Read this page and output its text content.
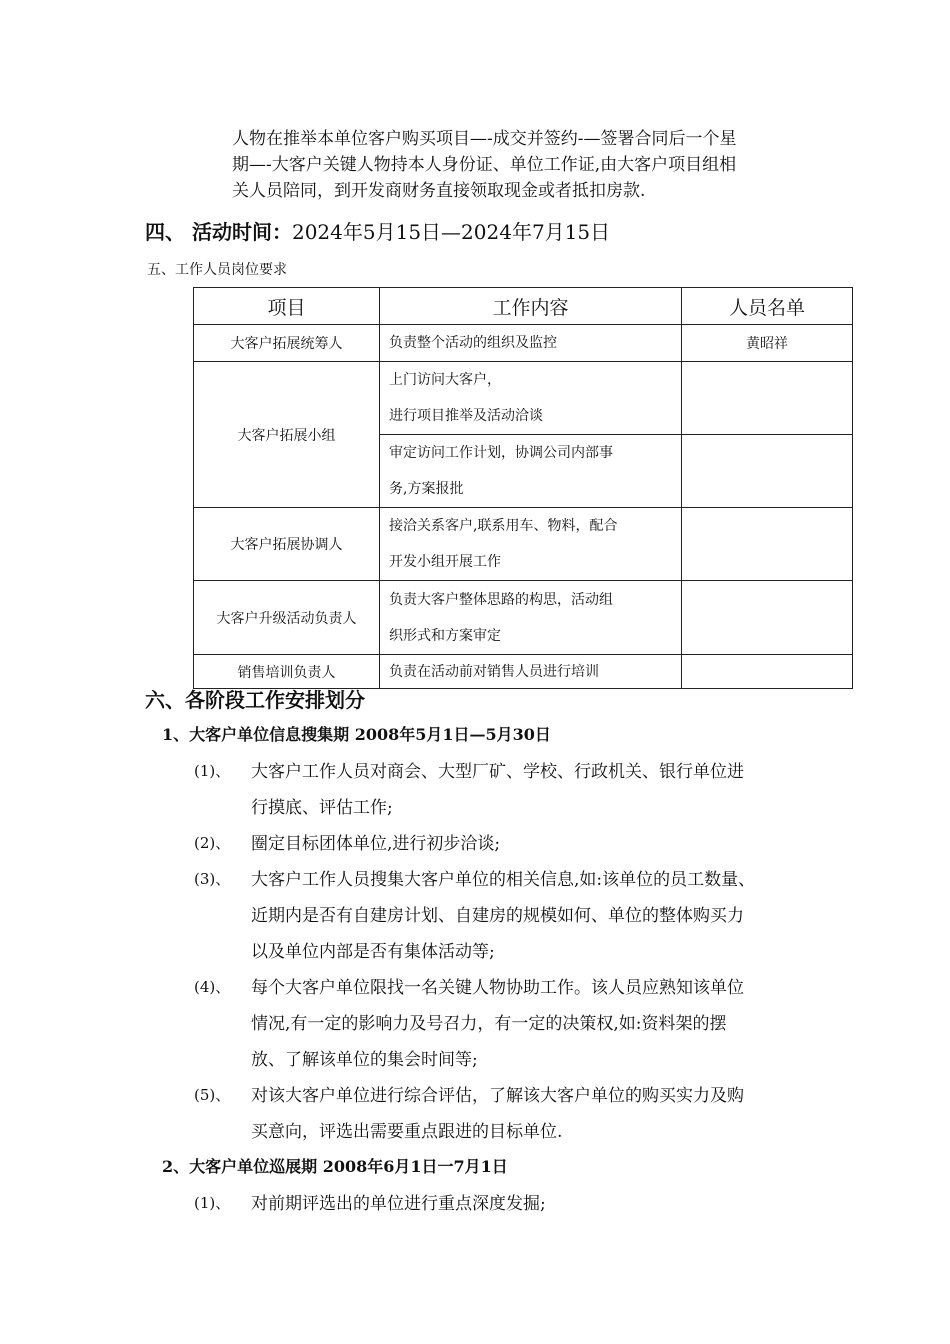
人物在推举本单位客户购买项目—-成交并签约-—签署合同后一个星
期—-大客户关键人物持本人身份证、单位工作证,由大客户项目组相
关人员陪同，到开发商财务直接领取现金或者抵扣房款.
四、 活动时间：2024年5月15日—2024年7月15日
五、工作人员岗位要求
项目	工作内容	人员名单
大客户拓展统筹人	负责整个活动的组织及监控	黄昭祥
大客户拓展小组	上门访问大客户，
进行项目推举及活动洽谈	

	审定访问工作计划，协调公司内部事
务,方案报批	

大客户拓展协调人	接洽关系客户,联系用车、物料，配合
开发小组开展工作	

大客户升级活动负责人	负责大客户整体思路的构思，活动组
织形式和方案审定	

销售培训负责人	负责在活动前对销售人员进行培训	
六、各阶段工作安排划分
1、大客户单位信息搜集期 2008年5月1日—5月30日
(1)、 大客户工作人员对商会、大型厂矿、学校、行政机关、银行单位进
行摸底、评估工作;
(2)、 圈定目标团体单位,进行初步洽谈;
(3)、 大客户工作人员搜集大客户单位的相关信息,如:该单位的员工数量、
近期内是否有自建房计划、自建房的规模如何、单位的整体购买力
以及单位内部是否有集体活动等;
(4)、 每个大客户单位限找一名关键人物协助工作。该人员应熟知该单位
情况,有一定的影响力及号召力，有一定的决策权,如:资料架的摆
放、了解该单位的集会时间等;
(5)、 对该大客户单位进行综合评估，了解该大客户单位的购买实力及购
买意向，评选出需要重点跟进的目标单位.
2、大客户单位巡展期 2008年6月1日一7月1日
(1)、 对前期评选出的单位进行重点深度发掘;
